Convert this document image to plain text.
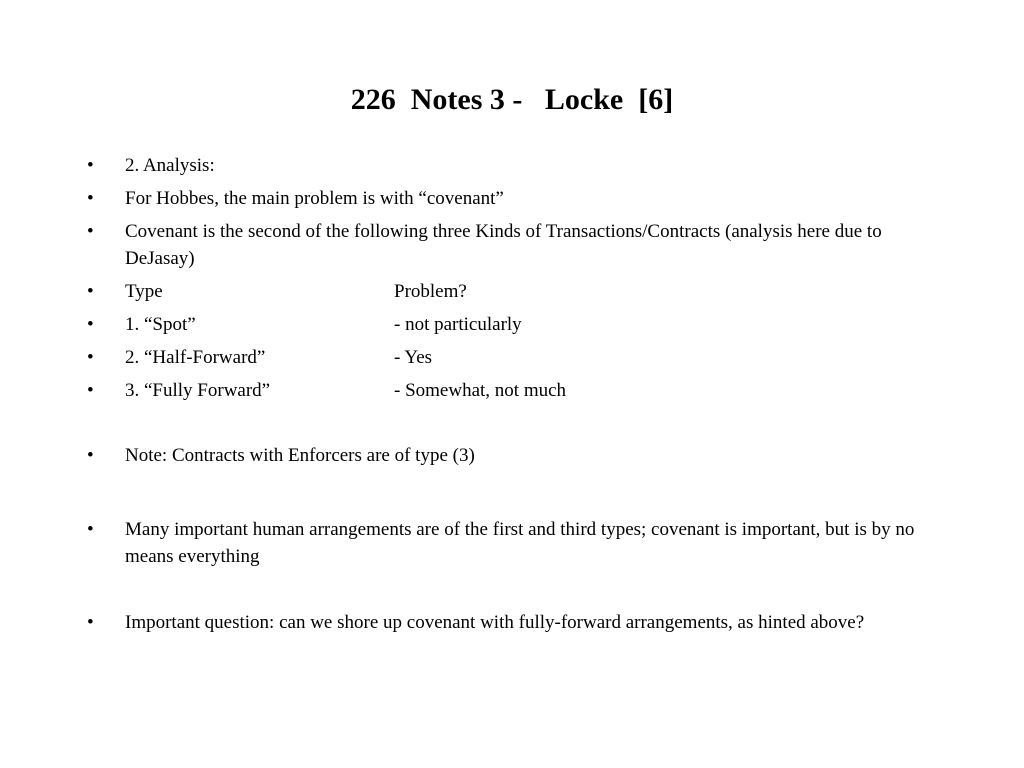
226  Notes 3 -   Locke  [6]
•	2. Analysis:
•	For Hobbes, the main problem is with “covenant”
•	Covenant is the second of the following three Kinds of Transactions/Contracts (analysis here due to DeJasay)
•	Type	Problem?
•	1. “Spot”	- not particularly
•	2. “Half-Forward”	- Yes
•	3. “Fully Forward”	- Somewhat, not much
•	Note: Contracts with Enforcers are of type (3)
•	Many important human arrangements are of the first and third types; covenant is important, but is by no means everything
•	Important question: can we shore up covenant with fully-forward arrangements, as hinted above?
